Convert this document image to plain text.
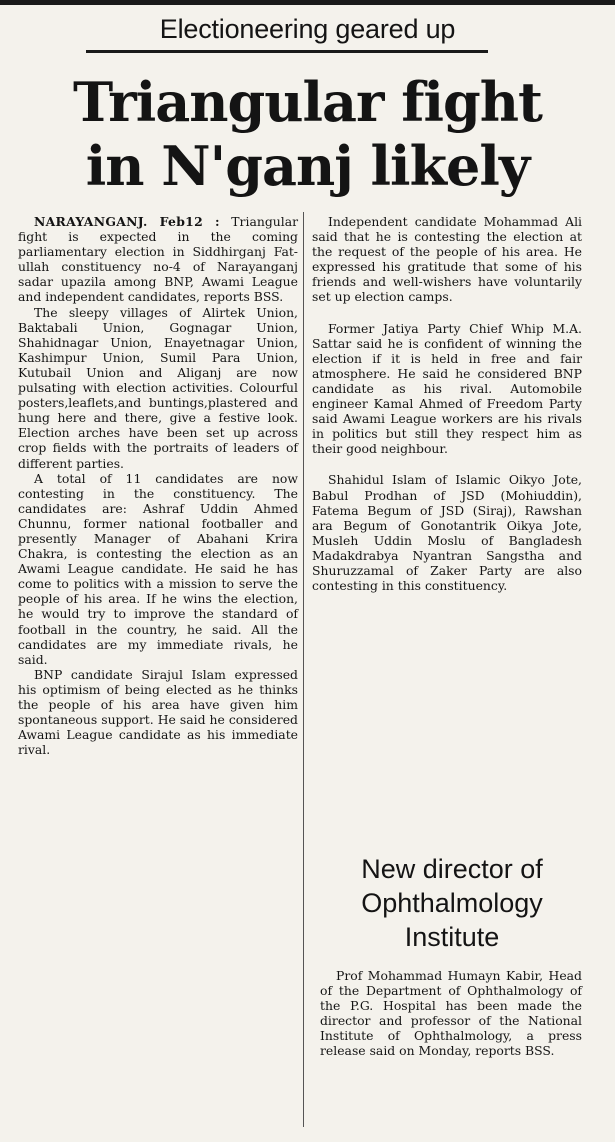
Electioneering geared up
Triangular fight
in N'ganj likely

NARAYANGANJ. Feb12 : Triangular fight is expected in the coming parliamentary election in Siddhirganj Fat-ullah constituency no-4 of Narayanganj sadar upazila among BNP, Awami League and independent candidates, reports BSS.

The sleepy villages of Alirtek Union, Baktabali Union, Gognagar Union, Shahidnagar Union, Enayetnagar Union, Kashimpur Union, Sumil Para Union, Kutubail Union and Aliganj are now pulsating with election activities. Colourful posters,leaflets,and buntings,plastered and hung here and there, give a festive look. Election arches have been set up across crop fields with the portraits of leaders of different parties.

A total of 11 candidates are now contesting in the constituency. The candidates are: Ashraf Uddin Ahmed Chunnu, former national footballer and presently Manager of Abahani Krira Chakra, is contesting the election as an Awami League candidate. He said he has come to politics with a mission to serve the people of his area. If he wins the election, he would try to improve the standard of football in the country, he said. All the candidates are my immediate rivals, he said.

BNP candidate Sirajul Islam expressed his optimism of being elected as he thinks the people of his area have given him spontaneous support. He said he considered Awami League candidate as his immediate rival.

Independent candidate Mohammad Ali said that he is contesting the election at the request of the people of his area. He expressed his gratitude that some of his friends and well-wishers have voluntarily set up election camps.

Former Jatiya Party Chief Whip M.A. Sattar said he is confident of winning the election if it is held in free and fair atmosphere. He said he considered BNP candidate as his rival. Automobile engineer Kamal Ahmed of Freedom Party said Awami League workers are his rivals in politics but still they respect him as their good neighbour.

Shahidul Islam of Islamic Oikyo Jote, Babul Prodhan of JSD (Mohiuddin), Fatema Begum of JSD (Siraj), Rawshan ara Begum of Gonotantrik Oikya Jote, Musleh Uddin Moslu of Bangladesh Madakdrabya Nyantran Sangstha and Shuruzzamal of Zaker Party are also contesting in this constituency.

New director of Ophthalmology Institute

Prof Mohammad Humayn Kabir, Head of the Department of Ophthalmology of the P.G. Hospital has been made the director and professor of the National Institute of Ophthalmology, a press release said on Monday, reports BSS.
